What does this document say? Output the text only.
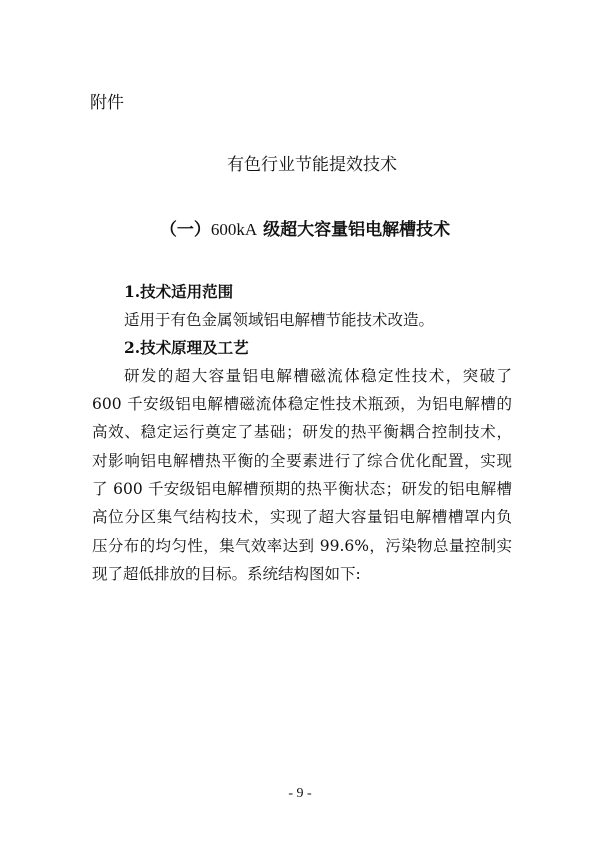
附件
有色行业节能提效技术
（一）600kA 级超大容量铝电解槽技术
1.技术适用范围
适用于有色金属领域铝电解槽节能技术改造。
2.技术原理及工艺
研发的超大容量铝电解槽磁流体稳定性技术，突破了
600 千安级铝电解槽磁流体稳定性技术瓶颈，为铝电解槽的
高效、稳定运行奠定了基础；研发的热平衡耦合控制技术，
对影响铝电解槽热平衡的全要素进行了综合优化配置，实现
了 600 千安级铝电解槽预期的热平衡状态；研发的铝电解槽
高位分区集气结构技术，实现了超大容量铝电解槽槽罩内负
压分布的均匀性，集气效率达到 99.6%，污染物总量控制实
现了超低排放的目标。系统结构图如下:
- 9 -
